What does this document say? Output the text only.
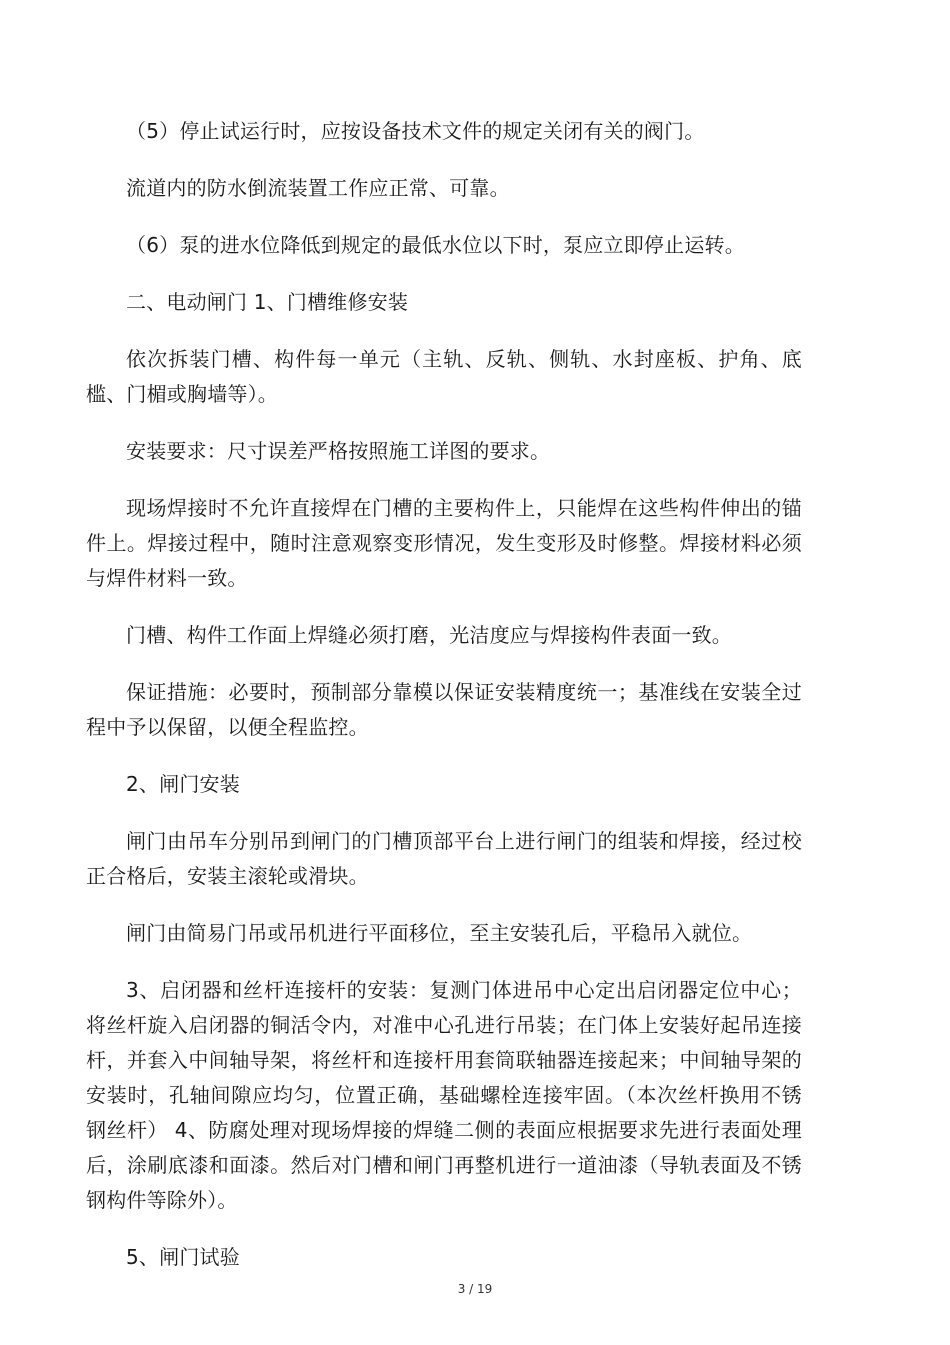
（5）停止试运行时，应按设备技术文件的规定关闭有关的阀门。

流道内的防水倒流装置工作应正常、可靠。

（6）泵的进水位降低到规定的最低水位以下时，泵应立即停止运转。

二、电动闸门 1、门槽维修安装

依次拆装门槽、构件每一单元（主轨、反轨、侧轨、水封座板、护角、底槛、门楣或胸墙等）。

安装要求：尺寸误差严格按照施工详图的要求。

现场焊接时不允许直接焊在门槽的主要构件上，只能焊在这些构件伸出的锚件上。焊接过程中，随时注意观察变形情况，发生变形及时修整。焊接材料必须与焊件材料一致。

门槽、构件工作面上焊缝必须打磨，光洁度应与焊接构件表面一致。

保证措施：必要时，预制部分靠模以保证安装精度统一；基准线在安装全过程中予以保留，以便全程监控。

2、闸门安装

闸门由吊车分别吊到闸门的门槽顶部平台上进行闸门的组装和焊接，经过校正合格后，安装主滚轮或滑块。

闸门由简易门吊或吊机进行平面移位，至主安装孔后，平稳吊入就位。

3、启闭器和丝杆连接杆的安装：复测门体进吊中心定出启闭器定位中心；将丝杆旋入启闭器的铜活令内，对准中心孔进行吊装；在门体上安装好起吊连接杆，并套入中间轴导架，将丝杆和连接杆用套筒联轴器连接起来；中间轴导架的安装时，孔轴间隙应均匀，位置正确，基础螺栓连接牢固。（本次丝杆换用不锈钢丝杆） 4、防腐处理对现场焊接的焊缝二侧的表面应根据要求先进行表面处理后，涂刷底漆和面漆。然后对门槽和闸门再整机进行一道油漆（导轨表面及不锈钢构件等除外）。

5、闸门试验

3 / 19
